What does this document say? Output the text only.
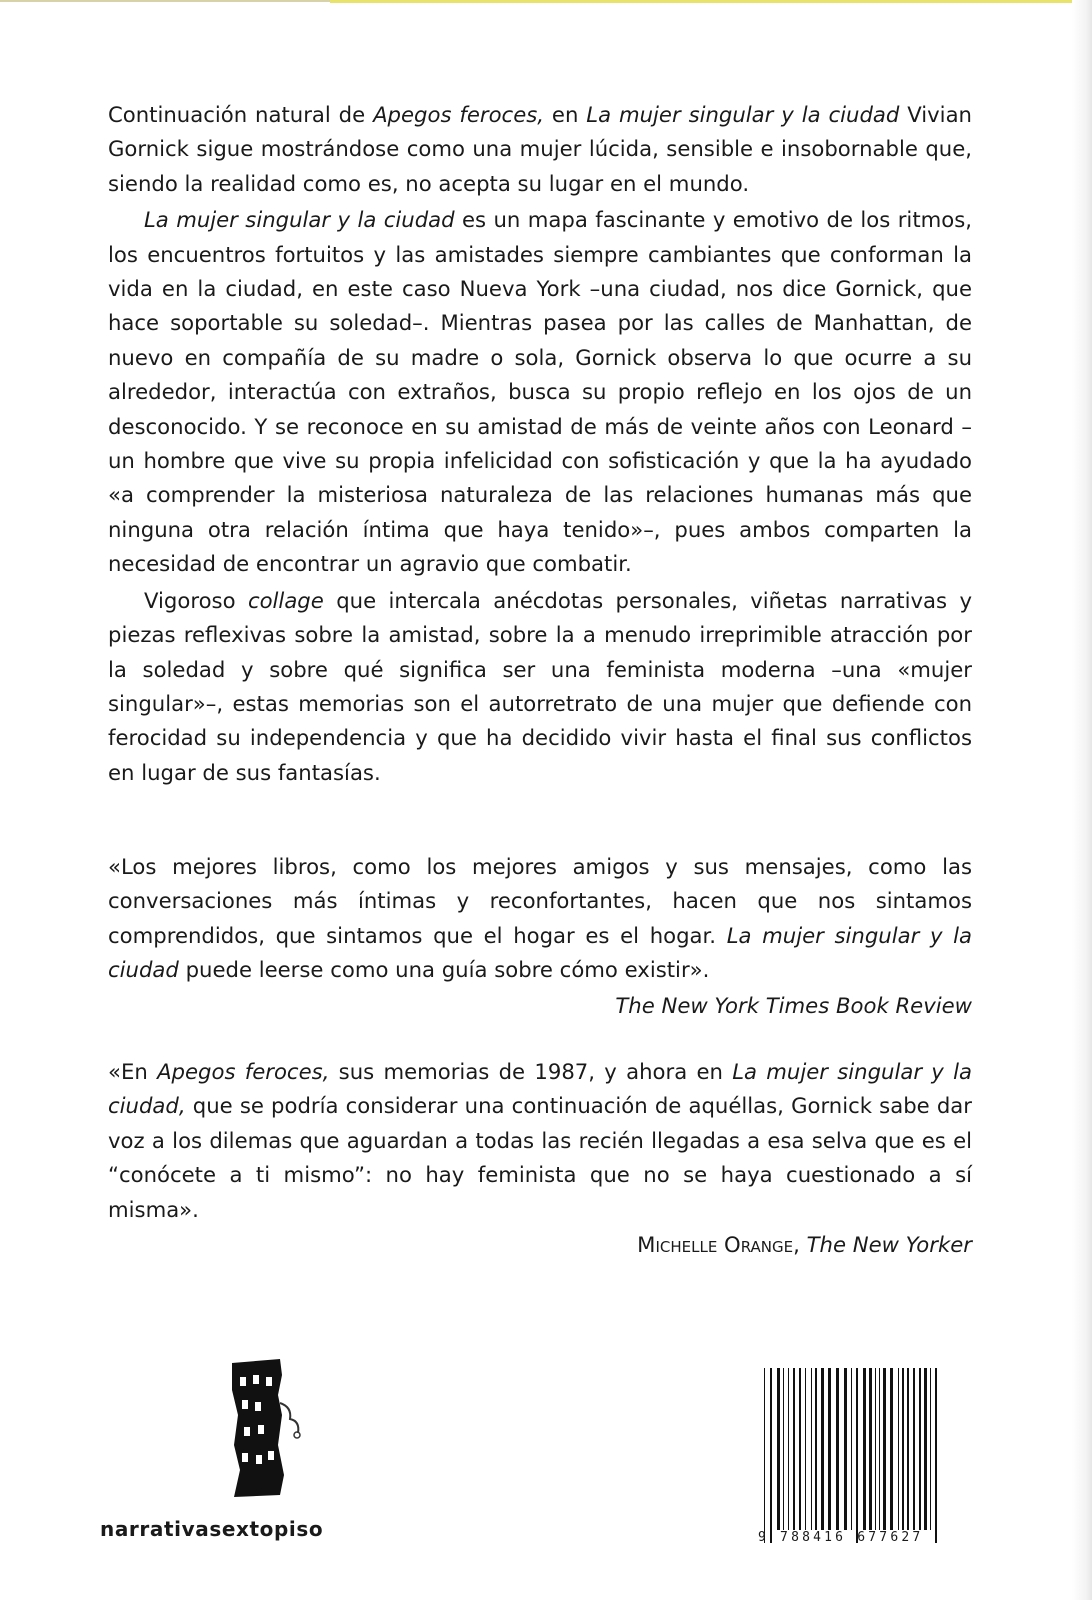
Continuación natural de Apegos feroces, en La mujer singular y la ciudad Vivian Gornick sigue mostrándose como una mujer lúcida, sensible e insobornable que, siendo la realidad como es, no acepta su lugar en el mundo.

La mujer singular y la ciudad es un mapa fascinante y emotivo de los ritmos, los encuentros fortuitos y las amistades siempre cambiantes que conforman la vida en la ciudad, en este caso Nueva York –una ciudad, nos dice Gornick, que hace soportable su soledad–. Mientras pasea por las calles de Manhattan, de nuevo en compañía de su madre o sola, Gornick observa lo que ocurre a su alrededor, interactúa con extraños, busca su propio reflejo en los ojos de un desconocido. Y se reconoce en su amistad de más de veinte años con Leonard –un hombre que vive su propia infelicidad con sofisticación y que la ha ayudado «a comprender la misteriosa naturaleza de las relaciones humanas más que ninguna otra relación íntima que haya tenido»–, pues ambos comparten la necesidad de encontrar un agravio que combatir.

Vigoroso collage que intercala anécdotas personales, viñetas narrativas y piezas reflexivas sobre la amistad, sobre la a menudo irreprimible atracción por la soledad y sobre qué significa ser una feminista moderna –una «mujer singular»–, estas memorias son el autorretrato de una mujer que defiende con ferocidad su independencia y que ha decidido vivir hasta el final sus conflictos en lugar de sus fantasías.

«Los mejores libros, como los mejores amigos y sus mensajes, como las conversaciones más íntimas y reconfortantes, hacen que nos sintamos comprendidos, que sintamos que el hogar es el hogar. La mujer singular y la ciudad puede leerse como una guía sobre cómo existir».

The New York Times Book Review

«En Apegos feroces, sus memorias de 1987, y ahora en La mujer singular y la ciudad, que se podría considerar una continuación de aquéllas, Gornick sabe dar voz a los dilemas que aguardan a todas las recién llegadas a esa selva que es el “conócete a ti mismo”: no hay feminista que no se haya cuestionado a sí misma».

Michelle Orange, The New Yorker

narrativasextopiso	9 788416 677627
